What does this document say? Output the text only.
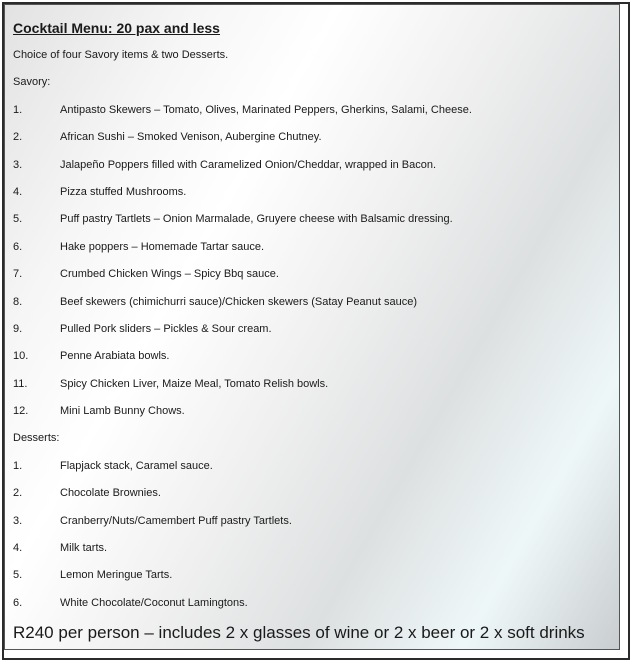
Cocktail Menu: 20 pax and less
Choice of four Savory items & two Desserts.
Savory:
1.	Antipasto Skewers – Tomato, Olives, Marinated Peppers, Gherkins, Salami, Cheese.
2.	African Sushi – Smoked Venison, Aubergine Chutney.
3.	Jalapeño Poppers filled with Caramelized Onion/Cheddar, wrapped in Bacon.
4.	Pizza stuffed Mushrooms.
5.	Puff pastry Tartlets – Onion Marmalade, Gruyere cheese with Balsamic dressing.
6.	Hake poppers – Homemade Tartar sauce.
7.	Crumbed Chicken Wings – Spicy Bbq sauce.
8.	Beef skewers (chimichurri sauce)/Chicken skewers (Satay Peanut sauce)
9.	Pulled Pork sliders – Pickles & Sour cream.
10.	Penne Arabiata bowls.
11.	Spicy Chicken Liver, Maize Meal, Tomato Relish bowls.
12.	Mini Lamb Bunny Chows.
Desserts:
1.	Flapjack stack, Caramel sauce.
2.	Chocolate Brownies.
3.	Cranberry/Nuts/Camembert Puff pastry Tartlets.
4.	Milk tarts.
5.	Lemon Meringue Tarts.
6.	White Chocolate/Coconut Lamingtons.
R240 per person – includes 2 x glasses of wine or 2 x beer or 2 x soft drinks
